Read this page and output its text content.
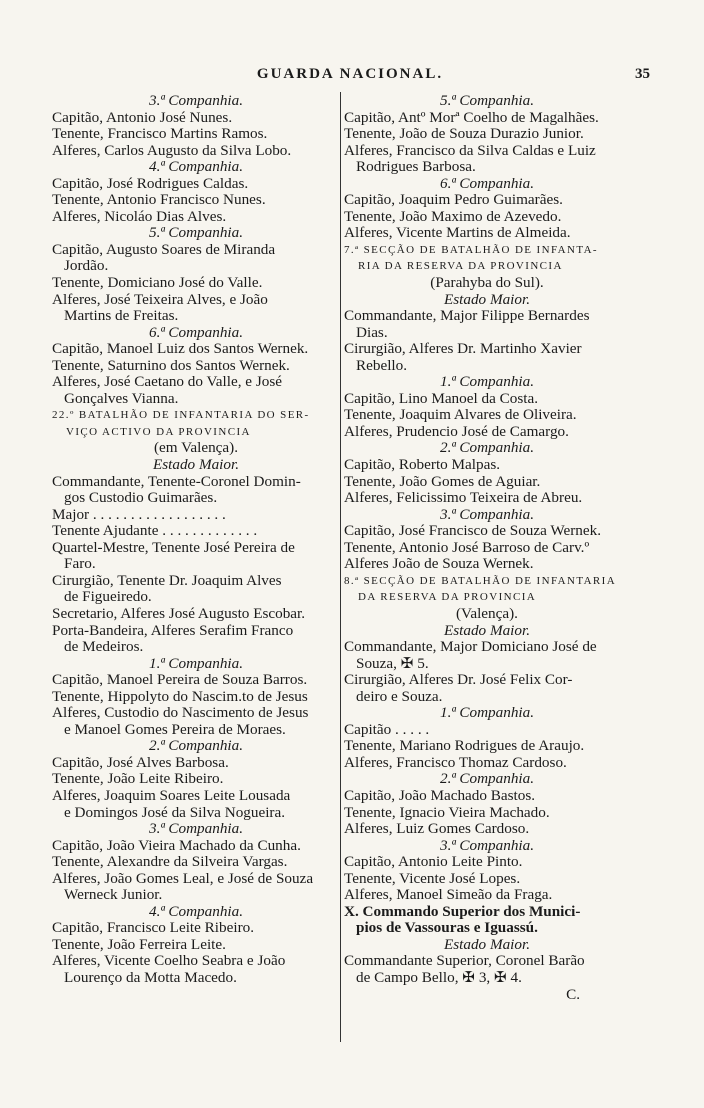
GUARDA NACIONAL.	35
3.ª Companhia.
Capitão, Antonio José Nunes.
Tenente, Francisco Martins Ramos.
Alferes, Carlos Augusto da Silva Lobo.
4.ª Companhia.
Capitão, José Rodrigues Caldas.
Tenente, Antonio Francisco Nunes.
Alferes, Nicoláo Dias Alves.
5.ª Companhia.
Capitão, Augusto Soares de Miranda
Jordão.
Tenente, Domiciano José do Valle.
Alferes, José Teixeira Alves, e João
Martins de Freitas.
6.ª Companhia.
Capitão, Manoel Luiz dos Santos Wernek.
Tenente, Saturnino dos Santos Wernek.
Alferes, José Caetano do Valle, e José
Gonçalves Vianna.
22.º BATALHÃO DE INFANTARIA DO SER-
VIÇO ACTIVO DA PROVINCIA
(em Valença).
Estado Maior.
Commandante, Tenente-Coronel Domin-
gos Custodio Guimarães.
Major . . . . . . . . . . . . . . . . . .
Tenente Ajudante . . . . . . . . . . . . .
Quartel-Mestre, Tenente José Pereira de
Faro.
Cirurgião, Tenente Dr. Joaquim Alves
de Figueiredo.
Secretario, Alferes José Augusto Escobar.
Porta-Bandeira, Alferes Serafim Franco
de Medeiros.
1.ª Companhia.
Capitão, Manoel Pereira de Souza Barros.
Tenente, Hippolyto do Nascim.to de Jesus
Alferes, Custodio do Nascimento de Jesus
e Manoel Gomes Pereira de Moraes.
2.ª Companhia.
Capitão, José Alves Barbosa.
Tenente, João Leite Ribeiro.
Alferes, Joaquim Soares Leite Lousada
e Domingos José da Silva Nogueira.
3.ª Companhia.
Capitão, João Vieira Machado da Cunha.
Tenente, Alexandre da Silveira Vargas.
Alferes, João Gomes Leal, e José de Souza
Werneck Junior.
4.ª Companhia.
Capitão, Francisco Leite Ribeiro.
Tenente, João Ferreira Leite.
Alferes, Vicente Coelho Seabra e João
Lourenço da Motta Macedo.
5.ª Companhia.
Capitão, Antº Morª Coelho de Magalhães.
Tenente, João de Souza Durazio Junior.
Alferes, Francisco da Silva Caldas e Luiz
Rodrigues Barbosa.
6.ª Companhia.
Capitão, Joaquim Pedro Guimarães.
Tenente, João Maximo de Azevedo.
Alferes, Vicente Martins de Almeida.
7.ª SECÇÃO DE BATALHÃO DE INFANTA-
RIA DA RESERVA DA PROVINCIA
(Parahyba do Sul).
Estado Maior.
Commandante, Major Filippe Bernardes
Dias.
Cirurgião, Alferes Dr. Martinho Xavier
Rebello.
1.ª Companhia.
Capitão, Lino Manoel da Costa.
Tenente, Joaquim Alvares de Oliveira.
Alferes, Prudencio José de Camargo.
2.ª Companhia.
Capitão, Roberto Malpas.
Tenente, João Gomes de Aguiar.
Alferes, Felicissimo Teixeira de Abreu.
3.ª Companhia.
Capitão, José Francisco de Souza Wernek.
Tenente, Antonio José Barroso de Carv.º
Alferes João de Souza Wernek.
8.ª SECÇÃO DE BATALHÃO DE INFANTARIA
DA RESERVA DA PROVINCIA
(Valença).
Estado Maior.
Commandante, Major Domiciano José de
Souza, ✠ 5.
Cirurgião, Alferes Dr. José Felix Cor-
deiro e Souza.
1.ª Companhia.
Capitão . . . . .
Tenente, Mariano Rodrigues de Araujo.
Alferes, Francisco Thomaz Cardoso.
2.ª Companhia.
Capitão, João Machado Bastos.
Tenente, Ignacio Vieira Machado.
Alferes, Luiz Gomes Cardoso.
3.ª Companhia.
Capitão, Antonio Leite Pinto.
Tenente, Vicente José Lopes.
Alferes, Manoel Simeão da Fraga.
X. Commando Superior dos Munici-
pios de Vassouras e Iguassú.
Estado Maior.
Commandante Superior, Coronel Barão
de Campo Bello, ✠ 3, ✠ 4.
C.
